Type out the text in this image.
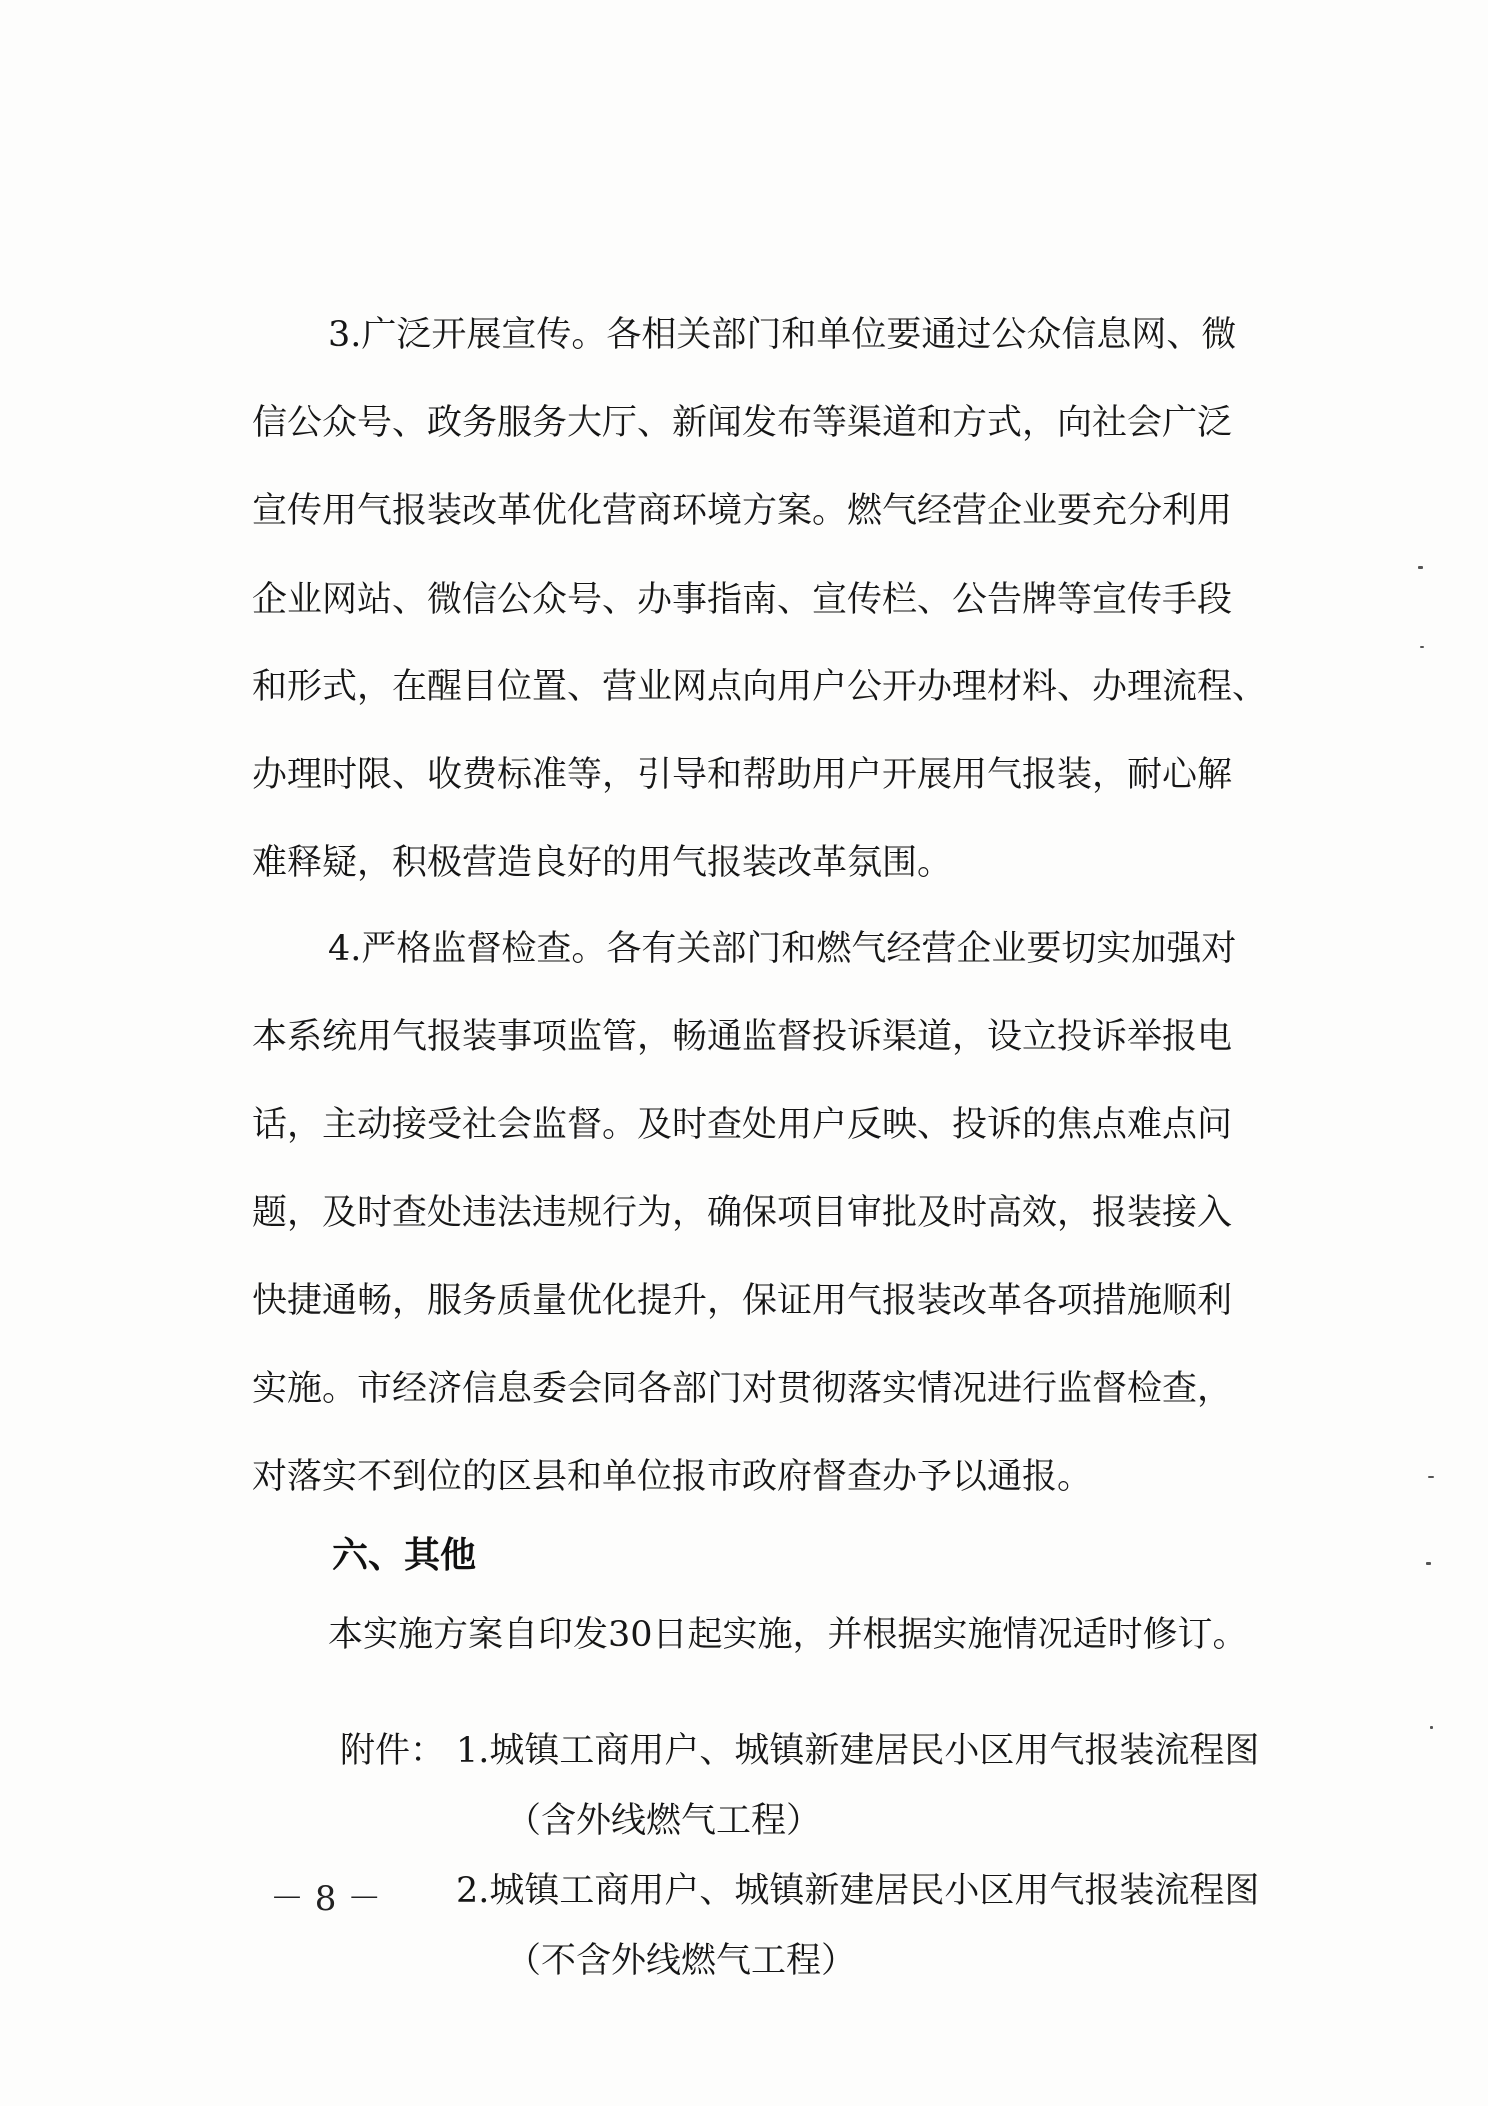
3.广泛开展宣传。各相关部门和单位要通过公众信息网、微
信公众号、政务服务大厅、新闻发布等渠道和方式，向社会广泛
宣传用气报装改革优化营商环境方案。燃气经营企业要充分利用
企业网站、微信公众号、办事指南、宣传栏、公告牌等宣传手段
和形式，在醒目位置、营业网点向用户公开办理材料、办理流程、
办理时限、收费标准等，引导和帮助用户开展用气报装，耐心解
难释疑，积极营造良好的用气报装改革氛围。
4.严格监督检查。各有关部门和燃气经营企业要切实加强对
本系统用气报装事项监管，畅通监督投诉渠道，设立投诉举报电
话，主动接受社会监督。及时查处用户反映、投诉的焦点难点问
题，及时查处违法违规行为，确保项目审批及时高效，报装接入
快捷通畅，服务质量优化提升，保证用气报装改革各项措施顺利
实施。市经济信息委会同各部门对贯彻落实情况进行监督检查，
对落实不到位的区县和单位报市政府督查办予以通报。
六、其他
本实施方案自印发30日起实施，并根据实施情况适时修订。
附件： 1.城镇工商用户、城镇新建居民小区用气报装流程图
（含外线燃气工程）
2.城镇工商用户、城镇新建居民小区用气报装流程图
（不含外线燃气工程）
－ 8 －
